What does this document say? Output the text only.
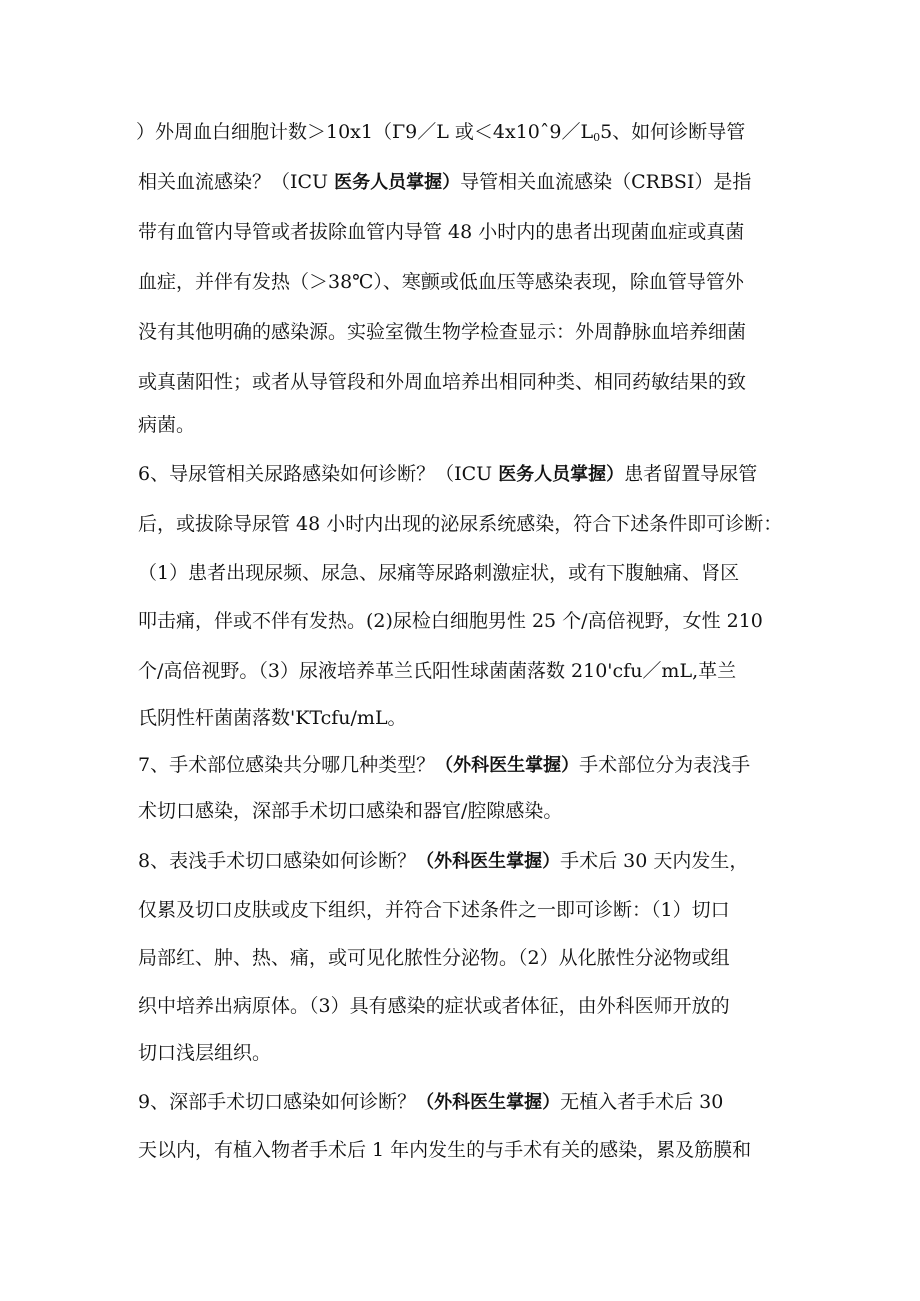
）外周血白细胞计数＞10x1（Γ9／L 或$<4x10ˆ9/L_05$、如何诊断导管
相关血流感染？（ICU 医务人员掌握）导管相关血流感染（CRBSI）是指
带有血管内导管或者拔除血管内导管 48 小时内的患者出现菌血症或真菌
血症，并伴有发热（＞38℃）、寒颤或低血压等感染表现，除血管导管外
没有其他明确的感染源。实验室微生物学检查显示：外周静脉血培养细菌
或真菌阳性；或者从导管段和外周血培养出相同种类、相同药敏结果的致
病菌。
6、导尿管相关尿路感染如何诊断？（ICU 医务人员掌握）患者留置导尿管
后，或拔除导尿管 48 小时内出现的泌尿系统感染，符合下述条件即可诊断：
（1）患者出现尿频、尿急、尿痛等尿路刺激症状，或有下腹触痛、肾区
叩击痛，伴或不伴有发热。(2)尿检白细胞男性 25 个/高倍视野，女性 210
个/高倍视野。（3）尿液培养革兰氏阳性球菌菌落数 210'cfu／mL,革兰
氏阴性杆菌菌落数'KTcfu/mL。
7、手术部位感染共分哪几种类型？（外科医生掌握）手术部位分为表浅手
术切口感染，深部手术切口感染和器官/腔隙感染。
8、表浅手术切口感染如何诊断？（外科医生掌握）手术后 30 天内发生，
仅累及切口皮肤或皮下组织，并符合下述条件之一即可诊断：（1）切口
局部红、肿、热、痛，或可见化脓性分泌物。（2）从化脓性分泌物或组
织中培养出病原体。（3）具有感染的症状或者体征，由外科医师开放的
切口浅层组织。
9、深部手术切口感染如何诊断？（外科医生掌握）无植入者手术后 30
天以内，有植入物者手术后 1 年内发生的与手术有关的感染，累及筋膜和
